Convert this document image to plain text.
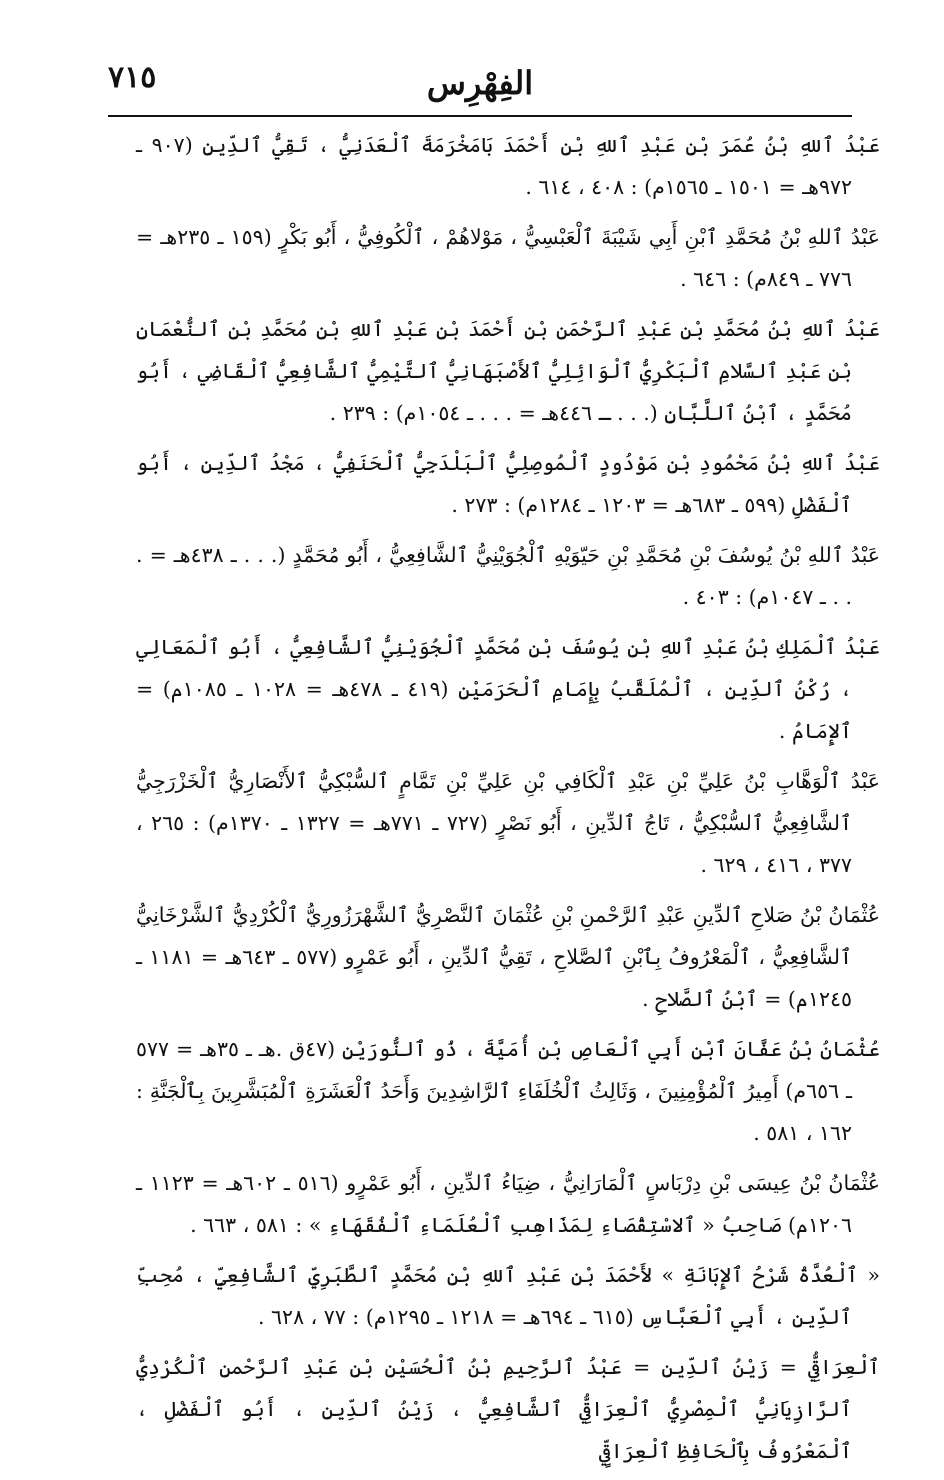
٧١٥	الفِهْرِس

عَبْدُ ٱللهِ بْنُ عُمَرَ بْنِ عَبْدِ ٱللهِ بْنِ أَحْمَدَ بَامَخْرَمَةَ ٱلْعَدَنِيُّ ، تَقِيُّ ٱلدِّينِ (٩٠٧ ـ ٩٧٢هـ = ١٥٠١ ـ ١٥٦٥م) : ٤٠٨ ، ٦١٤ .

عَبْدُ ٱللهِ بْنُ مُحَمَّدِ ٱبْنِ أَبِي شَيْبَةَ ٱلْعَبْسِيُّ ، مَوْلاهُمْ ، ٱلْكُوفِيُّ ، أَبُو بَكْرٍ (١٥٩ ـ ٢٣٥هـ = ٧٧٦ ـ ٨٤٩م) : ٦٤٦ .

عَبْدُ ٱللهِ بْنُ مُحَمَّدِ بْنِ عَبْدِ ٱلرَّحْمَنِ بْنِ أَحْمَدَ بْنِ عَبْدِ ٱللهِ بْنِ مُحَمَّدِ بْنِ ٱلنُّعْمَانِ بْنِ عَبْدِ ٱلسَّلامِ ٱلْبَكْرِيُّ ٱلْوَائِلِيُّ ٱلأَصْبَهَانِيُّ ٱلتَّيْمِيُّ ٱلشَّافِعِيُّ ٱلْقَاضِي ، أَبُو مُحَمَّدٍ ، ٱبْنُ ٱللَّبَّانِ (. . . ـ ٤٤٦هـ = . . . ـ ١٠٥٤م) : ٢٣٩ .

عَبْدُ ٱللهِ بْنُ مَحْمُودِ بْنِ مَوْدُودٍ ٱلْمُوصِلِيُّ ٱلْبَلْدَجِيُّ ٱلْحَنَفِيُّ ، مَجْدُ ٱلدِّينِ ، أَبُو ٱلْفَضْلِ (٥٩٩ ـ ٦٨٣هـ = ١٢٠٣ ـ ١٢٨٤م) : ٢٧٣ .

عَبْدُ ٱللهِ بْنُ يُوسُفَ بْنِ مُحَمَّدِ بْنِ حَيّوَيْهِ ٱلْجُوَيْنِيُّ ٱلشَّافِعِيُّ ، أَبُو مُحَمَّدٍ (. . . ـ ٤٣٨هـ = . . . ـ ١٠٤٧م) : ٤٠٣ .

عَبْدُ ٱلْمَلِكِ بْنُ عَبْدِ ٱللهِ بْنِ يُوسُفَ بْنِ مُحَمَّدٍ ٱلْجُوَيْنِيُّ ٱلشَّافِعِيُّ ، أَبُو ٱلْمَعَالِي ، رُكْنُ ٱلدِّينِ ، ٱلْمُلَقَّبُ بِإِمَامِ ٱلْحَرَمَيْنِ (٤١٩ ـ ٤٧٨هـ = ١٠٢٨ ـ ١٠٨٥م) = ٱلإِمَامُ .

عَبْدُ ٱلْوَهَّابِ بْنُ عَلِيِّ بْنِ عَبْدِ ٱلْكَافِي بْنِ عَلِيِّ بْنِ تَمَّامٍ ٱلسُّبْكِيُّ ٱلأَنْصَارِيُّ ٱلْخَزْرَجِيُّ ٱلشَّافِعِيُّ ٱلسُّبْكِيُّ ، تَاجُ ٱلدِّينِ ، أَبُو نَصْرٍ (٧٢٧ ـ ٧٧١هـ = ١٣٢٧ ـ ١٣٧٠م) : ٢٦٥ ، ٣٧٧ ، ٤١٦ ، ٦٢٩ .

عُثْمَانُ بْنُ صَلاحِ ٱلدِّينِ عَبْدِ ٱلرَّحْمنِ بْنِ عُثْمَانَ ٱلنَّصْرِيُّ ٱلشَّهْرَزُورِيُّ ٱلْكُرْدِيُّ ٱلشَّرْخَانِيُّ ٱلشَّافِعِيُّ ، ٱلْمَعْرُوفُ بِٱبْنِ ٱلصَّلاحِ ، تَقِيُّ ٱلدِّينِ ، أَبُو عَمْرٍو (٥٧٧ ـ ٦٤٣هـ = ١١٨١ ـ ١٢٤٥م) = ٱبْنُ ٱلصَّلاحِ .

عُثْمَانُ بْنُ عَفَّانَ ٱبْنِ أَبِي ٱلْعَاصِ بْنِ أُمَيَّةَ ، ذُو ٱلنُّورَيْنِ (٤٧ق .هـ ـ ٣٥هـ = ٥٧٧ ـ ٦٥٦م) أَمِيرُ ٱلْمُؤْمِنِينَ ، وَثَالِثُ ٱلْخُلَفَاءِ ٱلرَّاشِدِينَ وَأَحَدُ ٱلْعَشَرَةِ ٱلْمُبَشَّرِينَ بِٱلْجَنَّةِ : ١٦٢ ، ٥٨١ .

عُثْمَانُ بْنُ عِيسَى بْنِ دِرْبَاسٍ ٱلْمَارَانِيُّ ، ضِيَاءُ ٱلدِّينِ ، أَبُو عَمْرٍو (٥١٦ ـ ٦٠٢هـ = ١١٢٣ ـ ١٢٠٦م) صَاحِبُ « ٱلاسْتِقْصَاءِ لِمَذَاهِبِ ٱلْعُلَمَاءِ ٱلْفُقَهَاءِ » : ٥٨١ ، ٦٦٣ .

« ٱلْعُدَّةُ شَرْحُ ٱلإِبَانَةِ » لأَحْمَدَ بْنِ عَبْدِ ٱللهِ بْنِ مُحَمَّدٍ ٱلطَّبَرِيِّ ٱلشَّافِعِيِّ ، مُحِبِّ ٱلدِّينِ ، أَبِي ٱلْعَبَّاسِ (٦١٥ ـ ٦٩٤هـ = ١٢١٨ ـ ١٢٩٥م) : ٧٧ ، ٦٢٨ .

ٱلْعِرَاقِيُّ = زَيْنُ ٱلدِّينِ = عَبْدُ ٱلرَّحِيمِ بْنُ ٱلْحُسَيْنِ بْنِ عَبْدِ ٱلرَّحْمنِ ٱلْكُرْدِيُّ ٱلرَّازِيَانِيُّ ٱلْمِصْرِيُّ ٱلْعِرَاقِيُّ ٱلشَّافِعِيُّ ، زَيْنُ ٱلدِّينِ ، أَبُو ٱلْفَضْلِ ، ٱلْمَعْرُوفُ بِٱلْحَافِظِ ٱلْعِرَاقِيِّ
